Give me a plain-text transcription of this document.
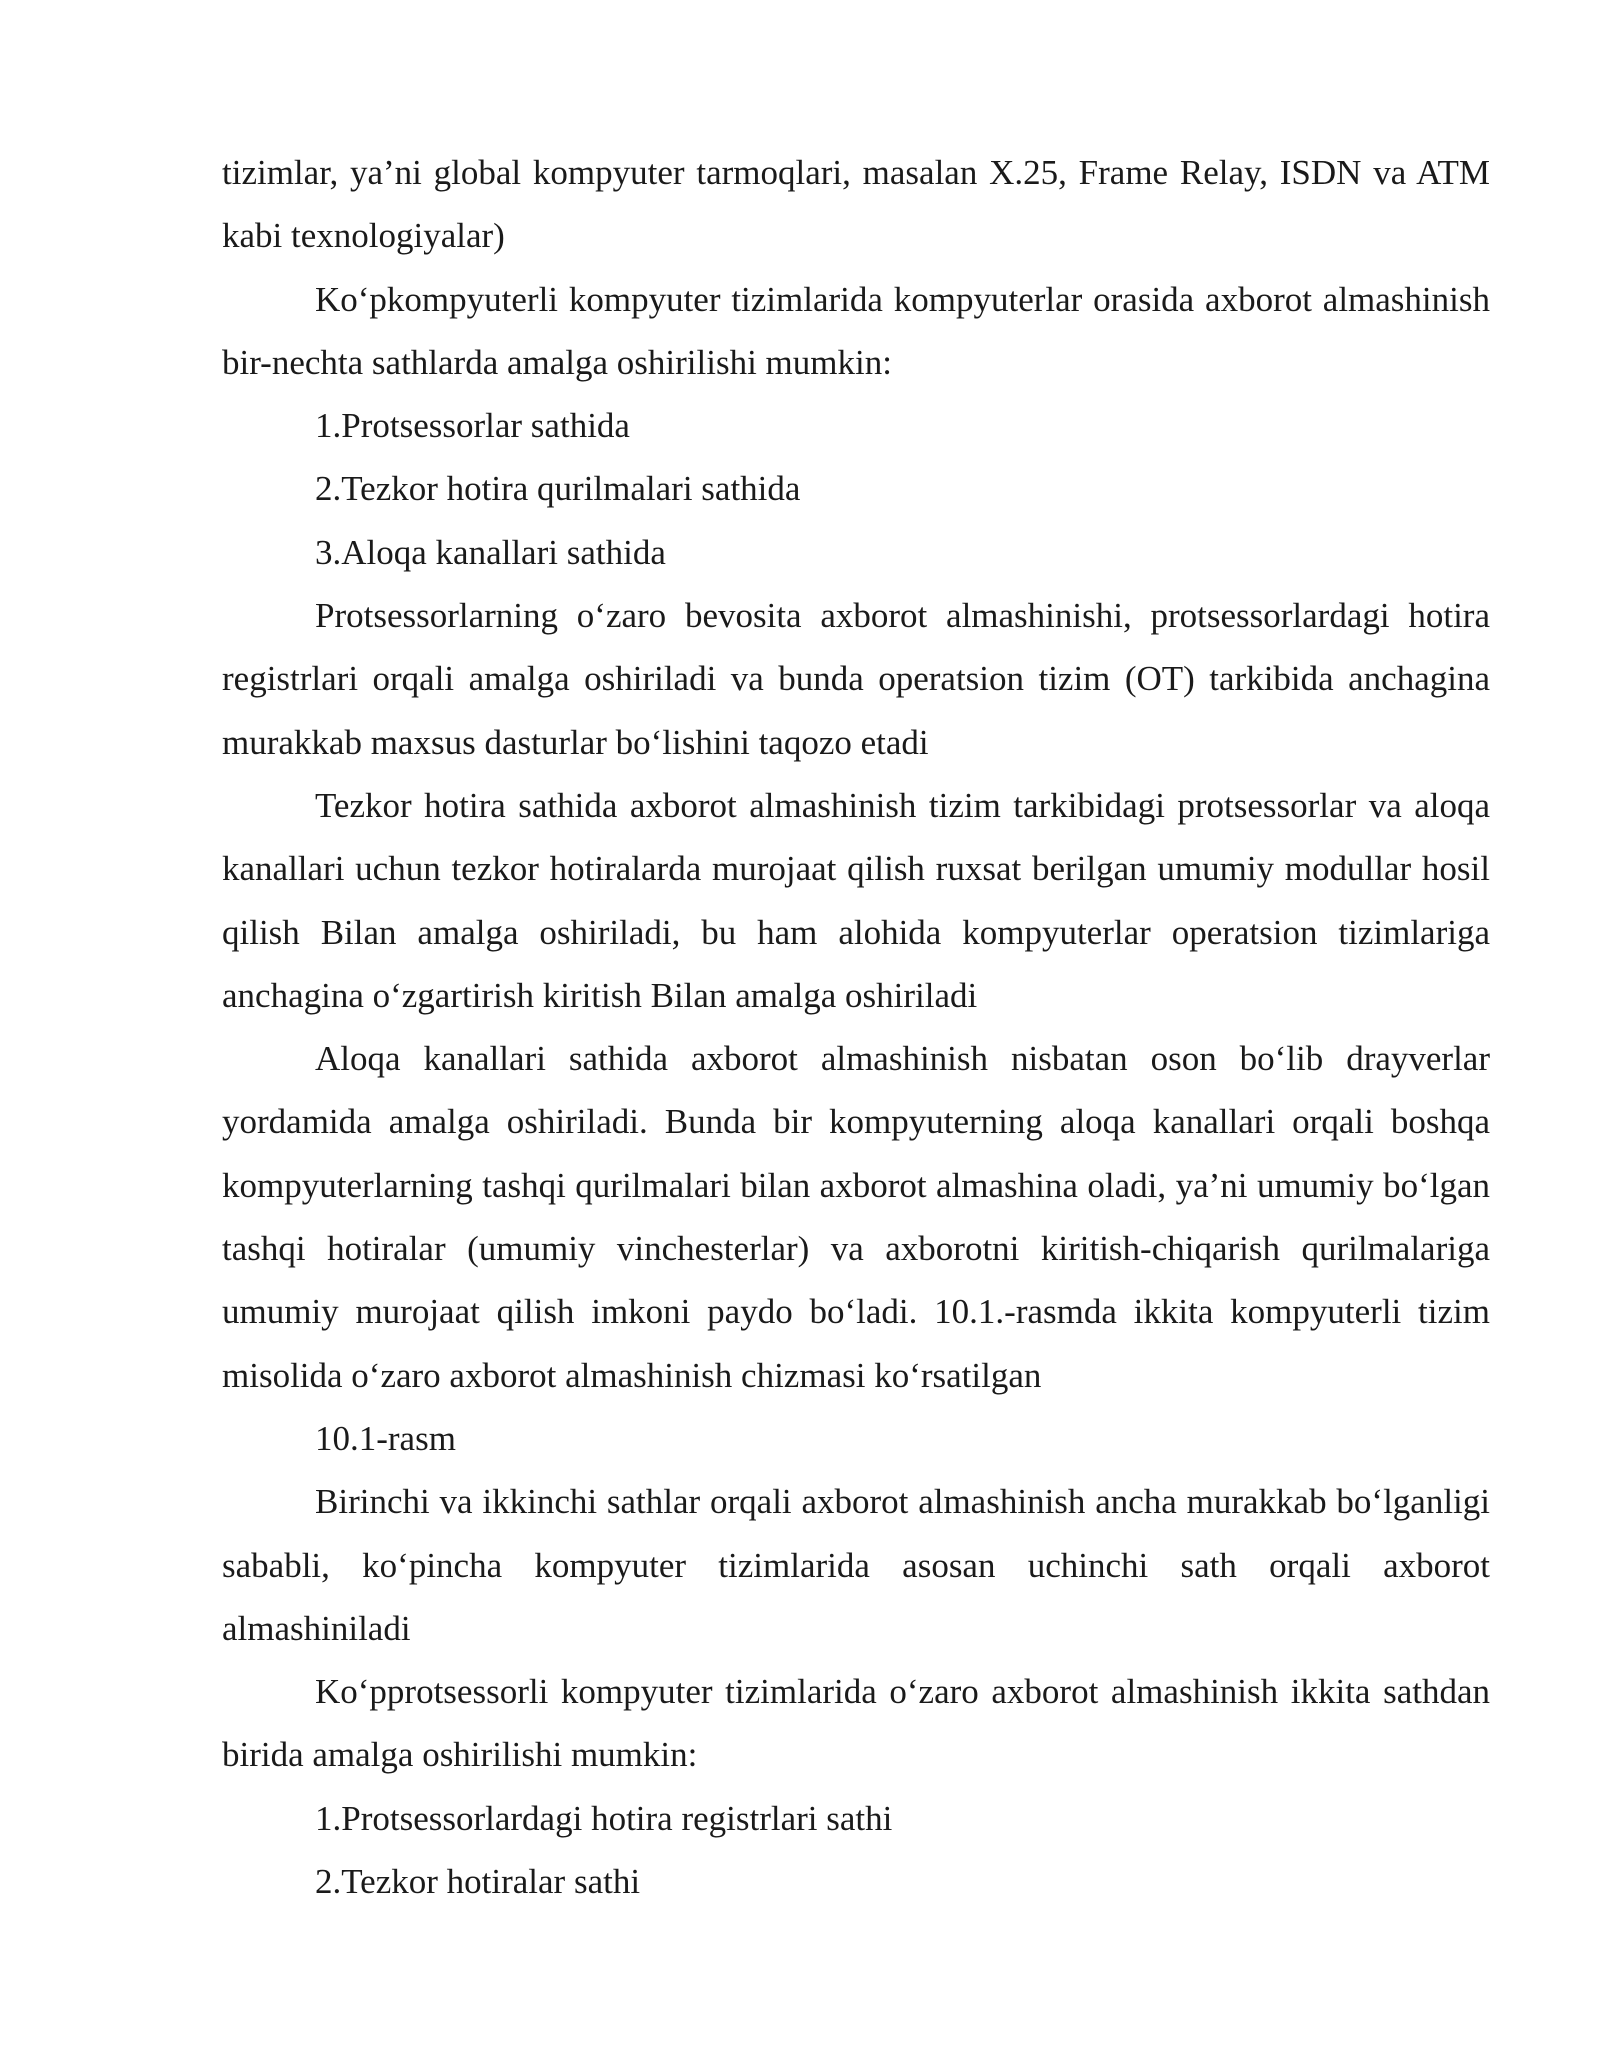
tizimlar, ya’ni global kompyuter tarmoqlari, masalan X.25, Frame Relay, ISDN va ATM kabi texnologiyalar)

Ko‘pkompyuterli kompyuter tizimlarida kompyuterlar orasida axborot almashinish bir-nechta sathlarda amalga oshirilishi mumkin:

1.Protsessorlar sathida

2.Tezkor hotira qurilmalari sathida

3.Aloqa kanallari sathida

Protsessorlarning o‘zaro bevosita axborot almashinishi, protsessorlardagi hotira registrlari orqali amalga oshiriladi va bunda operatsion tizim (OT) tarkibida anchagina murakkab maxsus dasturlar bo‘lishini taqozo etadi

Tezkor hotira sathida axborot almashinish tizim tarkibidagi protsessorlar va aloqa kanallari uchun tezkor hotiralarda murojaat qilish ruxsat berilgan umumiy modullar hosil qilish Bilan amalga oshiriladi, bu ham alohida kompyuterlar operatsion tizimlariga anchagina o‘zgartirish kiritish Bilan amalga oshiriladi

Aloqa kanallari sathida axborot almashinish nisbatan oson bo‘lib drayverlar yordamida amalga oshiriladi. Bunda bir kompyuterning aloqa kanallari orqali boshqa kompyuterlarning tashqi qurilmalari bilan axborot almashina oladi, ya’ni umumiy bo‘lgan tashqi hotiralar (umumiy vinchesterlar) va axborotni kiritish-chiqarish qurilmalariga umumiy murojaat qilish imkoni paydo bo‘ladi. 10.1.-rasmda ikkita kompyuterli tizim misolida o‘zaro axborot almashinish chizmasi ko‘rsatilgan

10.1-rasm

Birinchi va ikkinchi sathlar orqali axborot almashinish ancha murakkab bo‘lganligi sababli, ko‘pincha kompyuter tizimlarida asosan uchinchi sath orqali axborot almashiniladi

Ko‘pprotsessorli kompyuter tizimlarida o‘zaro axborot almashinish ikkita sathdan birida amalga oshirilishi mumkin:

1.Protsessorlardagi hotira registrlari sathi

2.Tezkor hotiralar sathi
